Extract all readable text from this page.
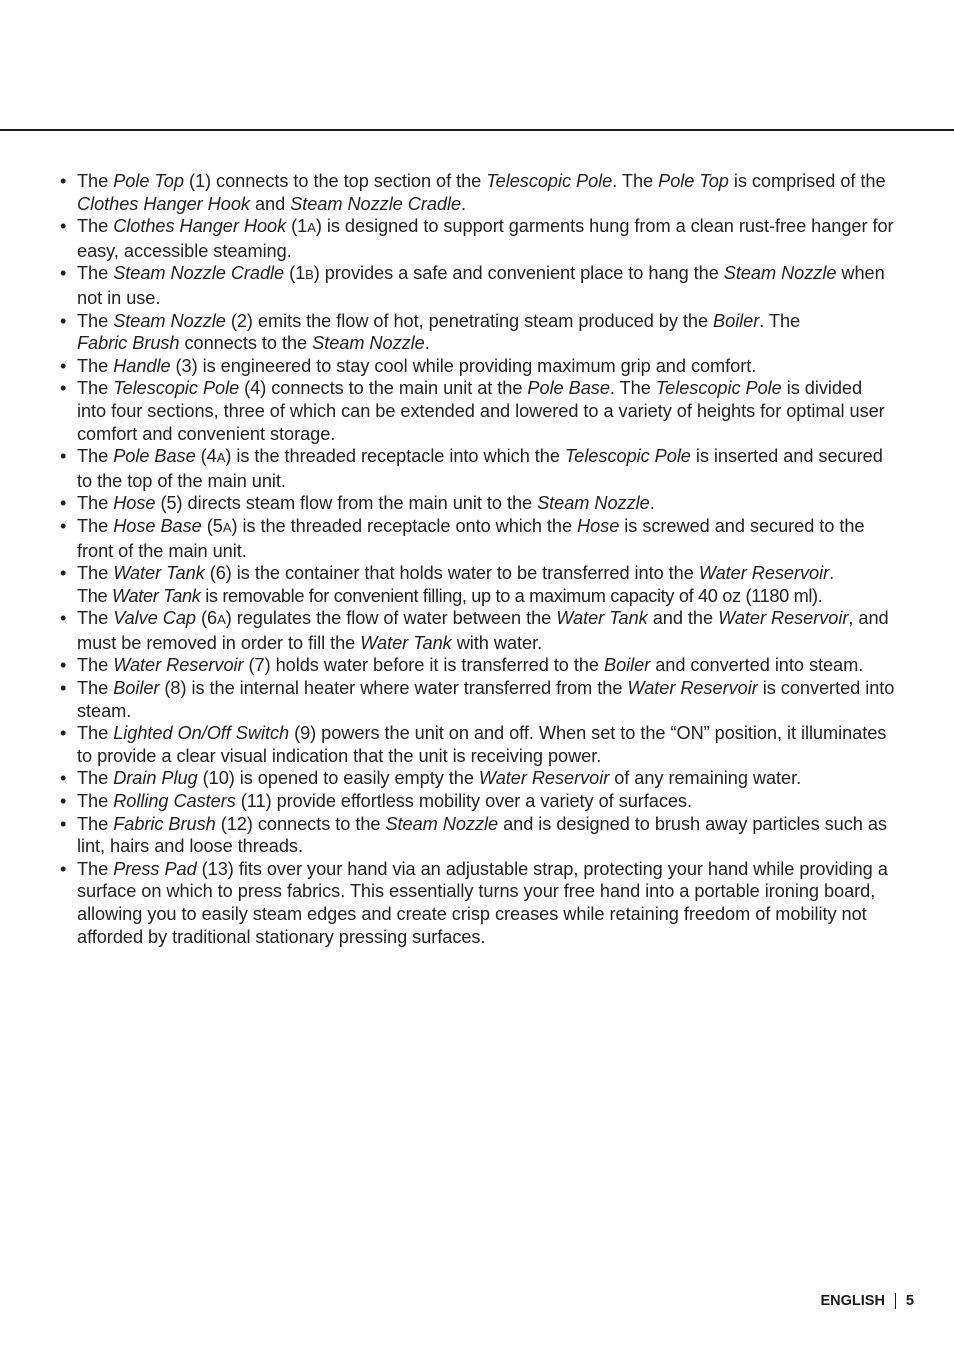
• The Pole Top (1) connects to the top section of the Telescopic Pole. The Pole Top is comprised of the Clothes Hanger Hook and Steam Nozzle Cradle.
• The Clothes Hanger Hook (1A) is designed to support garments hung from a clean rust-free hanger for easy, accessible steaming.
• The Steam Nozzle Cradle (1B) provides a safe and convenient place to hang the Steam Nozzle when not in use.
• The Steam Nozzle (2) emits the flow of hot, penetrating steam produced by the Boiler. The
Fabric Brush connects to the Steam Nozzle.
• The Handle (3) is engineered to stay cool while providing maximum grip and comfort.
• The Telescopic Pole (4) connects to the main unit at the Pole Base. The Telescopic Pole is divided into four sections, three of which can be extended and lowered to a variety of heights for optimal user comfort and convenient storage.
• The Pole Base (4A) is the threaded receptacle into which the Telescopic Pole is inserted and secured to the top of the main unit.
• The Hose (5) directs steam flow from the main unit to the Steam Nozzle.
• The Hose Base (5A) is the threaded receptacle onto which the Hose is screwed and secured to the front of the main unit.
• The Water Tank (6) is the container that holds water to be transferred into the Water Reservoir.
The Water Tank is removable for convenient filling, up to a maximum capacity of 40 oz (1180 ml).
• The Valve Cap (6A) regulates the flow of water between the Water Tank and the Water Reservoir, and must be removed in order to fill the Water Tank with water.
• The Water Reservoir (7) holds water before it is transferred to the Boiler and converted into steam.
• The Boiler (8) is the internal heater where water transferred from the Water Reservoir is converted into steam.
• The Lighted On/Off Switch (9) powers the unit on and off. When set to the “ON” position, it illuminates to provide a clear visual indication that the unit is receiving power.
• The Drain Plug (10) is opened to easily empty the Water Reservoir of any remaining water.
• The Rolling Casters (11) provide effortless mobility over a variety of surfaces.
• The Fabric Brush (12) connects to the Steam Nozzle and is designed to brush away particles such as lint, hairs and loose threads.
• The Press Pad (13) fits over your hand via an adjustable strap, protecting your hand while providing a surface on which to press fabrics. This essentially turns your free hand into a portable ironing board, allowing you to easily steam edges and create crisp creases while retaining freedom of mobility not afforded by traditional stationary pressing surfaces.
ENGLISH 5
